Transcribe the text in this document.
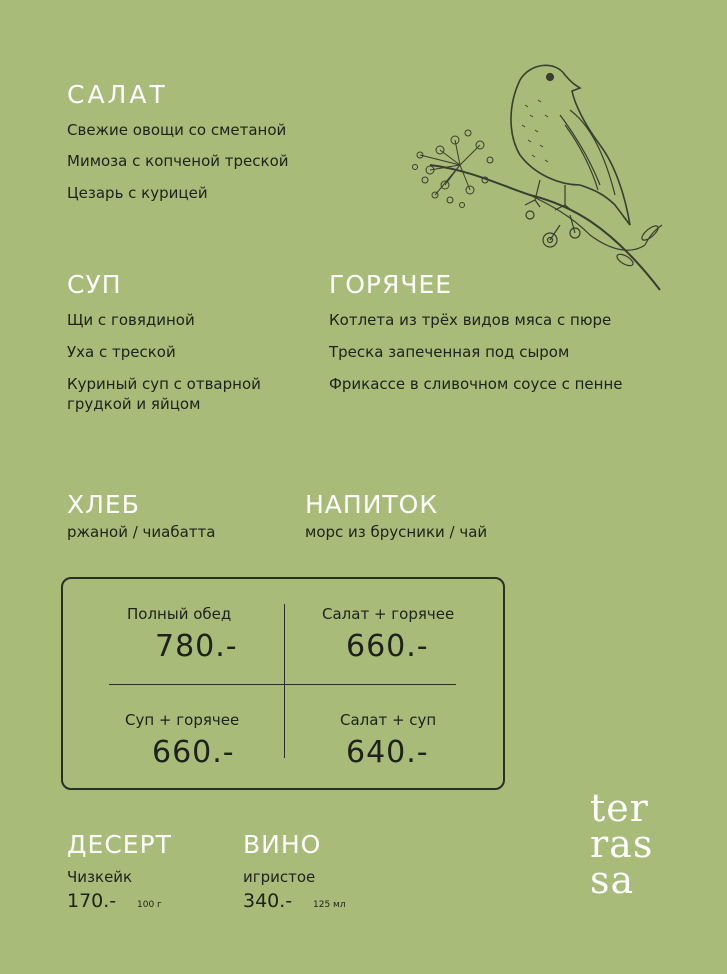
САЛАТ
Свежие овощи со сметаной
Мимоза с копченой треской
Цезарь с курицей
СУП
Щи с говядиной
Уха с треской
Куриный суп с отварной грудкой и яйцом
ГОРЯЧЕЕ
Котлета из трёх видов мяса с пюре
Треска запеченная под сыром
Фрикассе в сливочном соусе с пенне
ХЛЕБ
ржаной / чиабатта
НАПИТОК
морс из брусники / чай
Полный обед
780.-
Салат + горячее
660.-
Суп + горячее
660.-
Салат + суп
640.-
ДЕСЕРТ
Чизкейк
170.- 100 г
ВИНО
игристое
340.- 125 мл
ter
ras
sa
